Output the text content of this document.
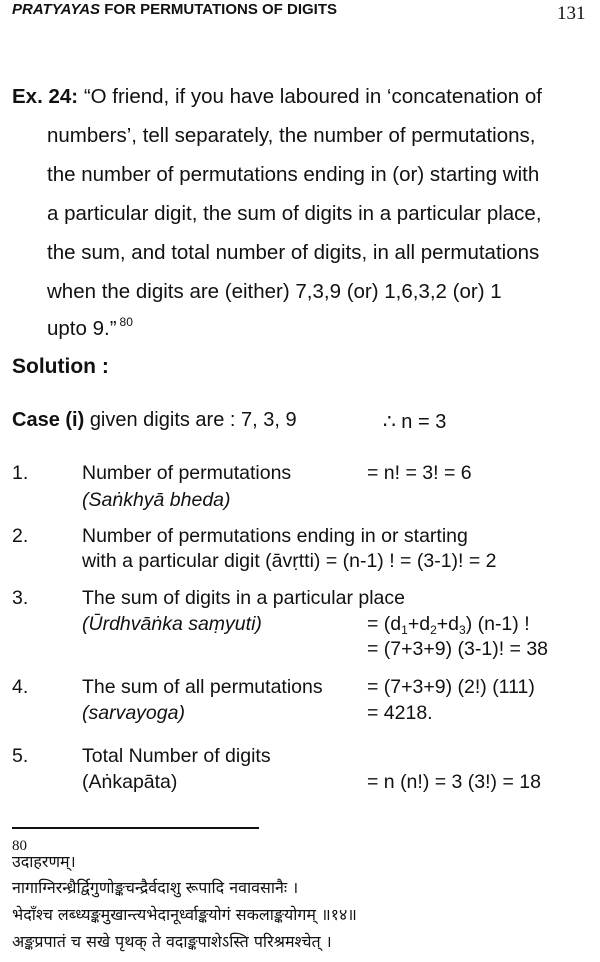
PRATYAYAS FOR PERMUTATIONS OF DIGITS	131
Ex. 24: “O friend, if you have laboured in ‘concatenation of
numbers’, tell separately, the number of permutations,
the number of permutations ending in (or) starting with
a particular digit, the sum of digits in a particular place,
the sum, and total number of digits, in all permutations
when the digits are (either) 7,3,9 (or) 1,6,3,2 (or) 1
upto 9.” $^{80}$
Solution :
Case (i) given digits are : 7, 3, 9	∴ n = 3
1.	Number of permutations	= n! = 3! = 6
(Saṅkhyā bheda)
2.	Number of permutations ending in or starting
with a particular digit (āvṛtti) = (n-1) ! = (3-1)! = 2
3.	The sum of digits in a particular place
(Ūrdhvāṅka saṃyuti)	= $(d_1+d_2+d_3)$ (n-1) !
= (7+3+9) (3-1)! = 38
4.	The sum of all permutations = (7+3+9) (2!) (111)
(sarvayoga)	= 4218.
5.	Total Number of digits
(Aṅkapāta)	= n (n!) = 3 (3!) = 18
80
उदाहरणम्।
नागाग्निरन्ध्रैर्द्विगुणोङ्कचन्द्रैर्वदाशु रूपादि नवावसानैः ।
भेदाँश्च लब्ध्यङ्कमुखान्त्यभेदानूर्ध्वाङ्कयोगं सकलाङ्कयोगम् ॥१४॥
अङ्कप्रपातं च सखे पृथक् ते वदाङ्कपाशेऽस्ति परिश्रमश्चेत् ।
